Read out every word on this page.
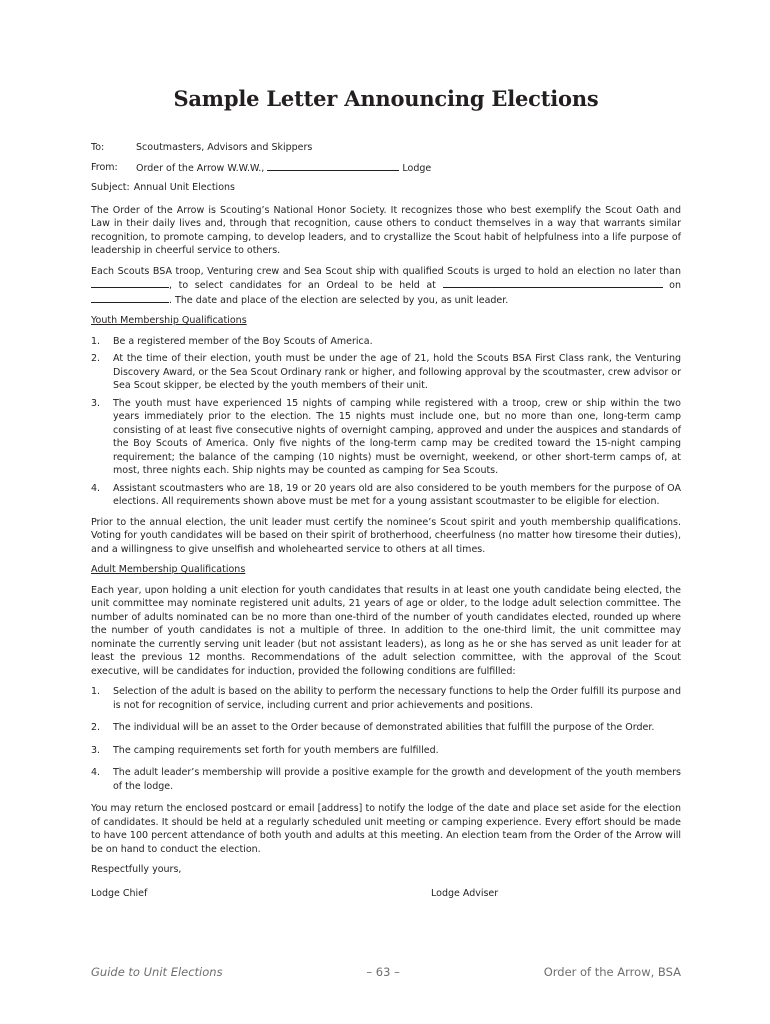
Sample Letter Announcing Elections
To:	Scoutmasters, Advisors and Skippers
From:	Order of the Arrow W.W.W.,	Lodge
Subject: Annual Unit Elections

The Order of the Arrow is Scouting’s National Honor Society. It recognizes those who best exemplify the Scout Oath and Law in their daily lives and, through that recognition, cause others to conduct themselves in a way that warrants similar recognition, to promote camping, to develop leaders, and to crystallize the Scout habit of helpfulness into a life purpose of leadership in cheerful service to others.

Each Scouts BSA troop, Venturing crew and Sea Scout ship with qualified Scouts is urged to hold an election no later than , to select candidates for an Ordeal to be held at	on . The date and place of the election are selected by you, as unit leader.

Youth Membership Qualifications
1.	Be a registered member of the Boy Scouts of America.
2.	At the time of their election, youth must be under the age of 21, hold the Scouts BSA First Class rank, the Venturing Discovery Award, or the Sea Scout Ordinary rank or higher, and following approval by the scoutmaster, crew advisor or Sea Scout skipper, be elected by the youth members of their unit.
3.	The youth must have experienced 15 nights of camping while registered with a troop, crew or ship within the two years immediately prior to the election. The 15 nights must include one, but no more than one, long-term camp consisting of at least five consecutive nights of overnight camping, approved and under the auspices and standards of the Boy Scouts of America. Only five nights of the long-term camp may be credited toward the 15-night camping requirement; the balance of the camping (10 nights) must be overnight, weekend, or other short-term camps of, at most, three nights each. Ship nights may be counted as camping for Sea Scouts.
4.	Assistant scoutmasters who are 18, 19 or 20 years old are also considered to be youth members for the purpose of OA elections. All requirements shown above must be met for a young assistant scoutmaster to be eligible for election.

Prior to the annual election, the unit leader must certify the nominee’s Scout spirit and youth membership qualifications. Voting for youth candidates will be based on their spirit of brotherhood, cheerfulness (no matter how tiresome their duties), and a willingness to give unselfish and wholehearted service to others at all times.

Adult Membership Qualifications

Each year, upon holding a unit election for youth candidates that results in at least one youth candidate being elected, the unit committee may nominate registered unit adults, 21 years of age or older, to the lodge adult selection committee. The number of adults nominated can be no more than one-third of the number of youth candidates elected, rounded up where the number of youth candidates is not a multiple of three. In addition to the one-third limit, the unit committee may nominate the currently serving unit leader (but not assistant leaders), as long as he or she has served as unit leader for at least the previous 12 months. Recommendations of the adult selection committee, with the approval of the Scout executive, will be candidates for induction, provided the following conditions are fulfilled:

1.	Selection of the adult is based on the ability to perform the necessary functions to help the Order fulfill its purpose and is not for recognition of service, including current and prior achievements and positions.
2.	The individual will be an asset to the Order because of demonstrated abilities that fulfill the purpose of the Order.
3.	The camping requirements set forth for youth members are fulfilled.
4.	The adult leader’s membership will provide a positive example for the growth and development of the youth members of the lodge.

You may return the enclosed postcard or email [address] to notify the lodge of the date and place set aside for the election of candidates. It should be held at a regularly scheduled unit meeting or camping experience. Every effort should be made to have 100 percent attendance of both youth and adults at this meeting. An election team from the Order of the Arrow will be on hand to conduct the election.

Respectfully yours,
Lodge Chief	Lodge Adviser
Guide to Unit Elections	– 63 –	Order of the Arrow, BSA
